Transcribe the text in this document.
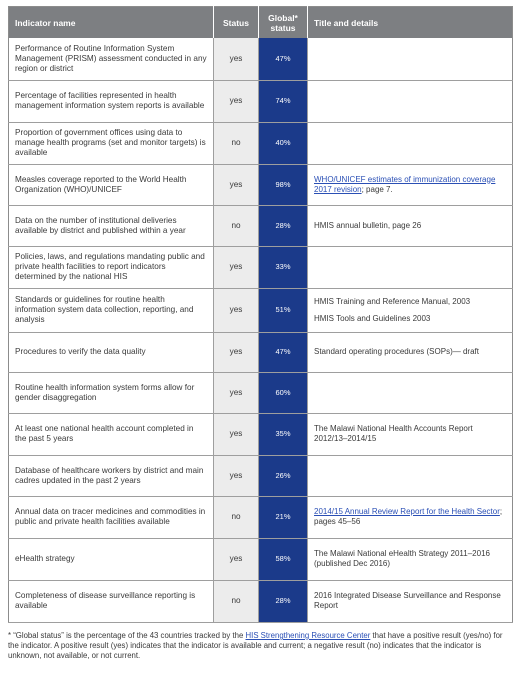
Indicator name	Status	Global* status	Title and details
Performance of Routine Information System Management (PRISM) assessment conducted in any region or district	yes	47%	
Percentage of facilities represented in health management information system reports is available	yes	74%	
Proportion of government offices using data to manage health programs (set and monitor targets) is available	no	40%	
Measles coverage reported to the World Health Organization (WHO)/UNICEF	yes	98%	WHO/UNICEF estimates of immunization coverage 2017 revision; page 7.
Data on the number of institutional deliveries available by district and published within a year	no	28%	HMIS annual bulletin, page 26
Policies, laws, and regulations mandating public and private health facilities to report indicators determined by the national HIS	yes	33%	
Standards or guidelines for routine health information system data collection, reporting, and analysis	yes	51%	HMIS Training and Reference Manual, 2003
HMIS Tools and Guidelines 2003

Procedures to verify the data quality	yes	47%	Standard operating procedures (SOPs)— draft
Routine health information system forms allow for gender disaggregation	yes	60%	
At least one national health account completed in the past 5 years	yes	35%	The Malawi National Health Accounts Report 2012/13–2014/15
Database of healthcare workers by district and main cadres updated in the past 2 years	yes	26%	
Annual data on tracer medicines and commodities in public and private health facilities available	no	21%	2014/15 Annual Review Report for the Health Sector; pages 45–56
eHealth strategy	yes	58%	The Malawi National eHealth Strategy 2011–2016 (published Dec 2016)
Completeness of disease surveillance reporting is available	no	28%	2016 Integrated Disease Surveillance and Response Report
* “Global status” is the percentage of the 43 countries tracked by the HIS Strengthening Resource Center that have a positive result (yes/no) for the indicator. A positive result (yes) indicates that the indicator is available and current; a negative result (no) indicates that the indicator is unknown, not available, or not current.
